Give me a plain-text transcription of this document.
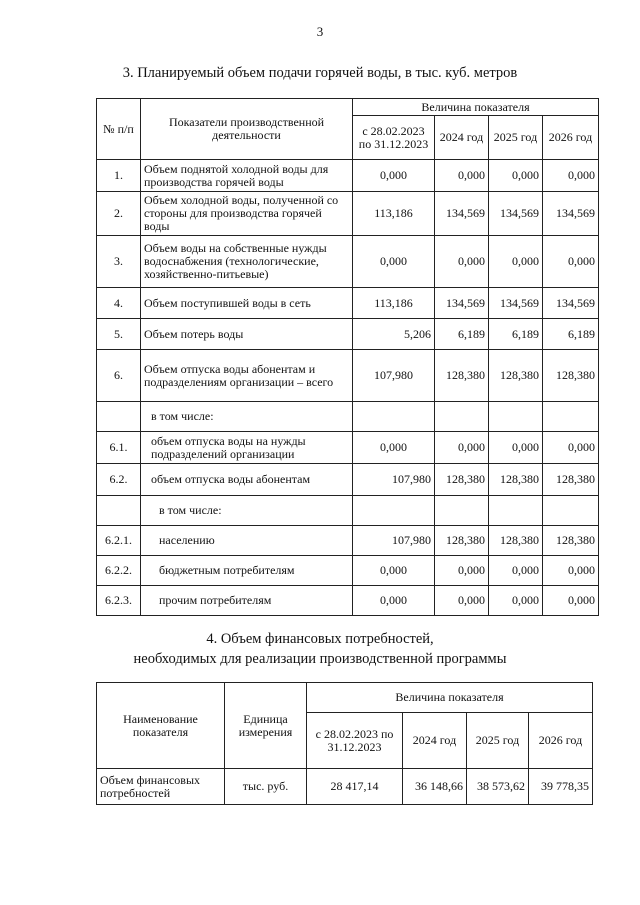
3
3. Планируемый объем подачи горячей воды, в тыс. куб. метров
№ п/п	Показатели производственной деятельности	Величина показателя			
		с 28.02.2023 по 31.12.2023	2024 год	2025 год	2026 год
1.	Объем поднятой холодной воды для производства горячей воды	0,000	0,000	0,000	0,000
2.	Объем холодной воды, полученной со стороны для производства горячей воды	113,186	134,569	134,569	134,569
3.	Объем воды на собственные нужды водоснабжения (технологические, хозяйственно-питьевые)	0,000	0,000	0,000	0,000
4.	Объем поступившей воды в сеть	113,186	134,569	134,569	134,569
5.	Объем потерь воды	5,206	6,189	6,189	6,189
6.	Объем отпуска воды абонентам и подразделениям организации – всего	107,980	128,380	128,380	128,380
	в том числе:				
6.1.	объем отпуска воды на нужды подразделений организации	0,000	0,000	0,000	0,000
6.2.	объем отпуска воды абонентам	107,980	128,380	128,380	128,380
	в том числе:				
6.2.1.	населению	107,980	128,380	128,380	128,380
6.2.2.	бюджетным потребителям	0,000	0,000	0,000	0,000
6.2.3.	прочим потребителям	0,000	0,000	0,000	0,000
4. Объем финансовых потребностей,
необходимых для реализации производственной программы
Наименование показателя	Единица измерения	Величина показателя			
		с 28.02.2023 по 31.12.2023	2024 год	2025 год	2026 год
Объем финансовых потребностей	тыс. руб.	28 417,14	36 148,66	38 573,62	39 778,35
